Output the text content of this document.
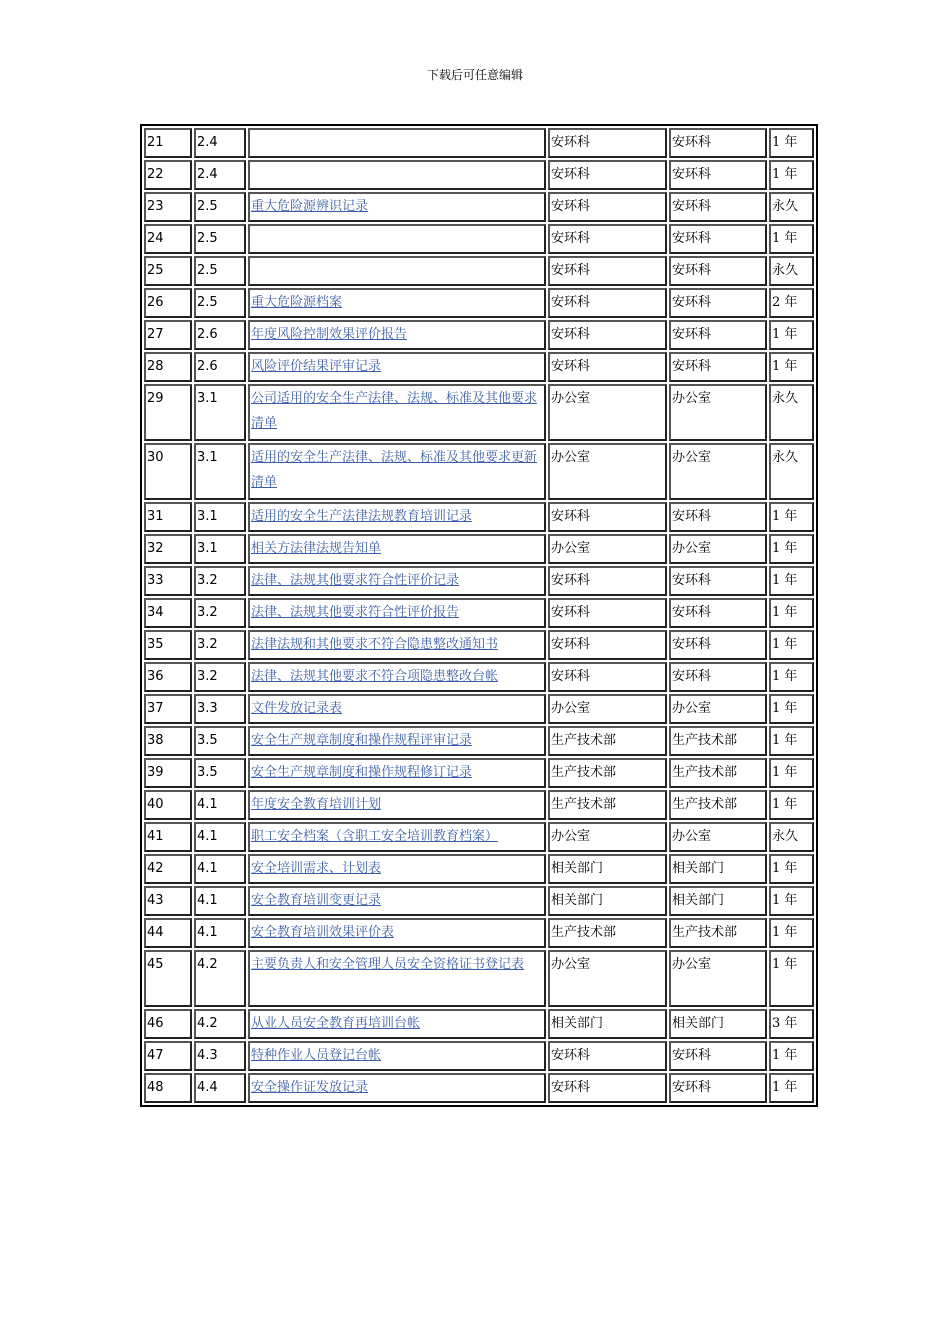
下载后可任意编辑
21	2.4		安环科	安环科	1 年
22	2.4		安环科	安环科	1 年
23	2.5	重大危险源辨识记录	安环科	安环科	永久
24	2.5		安环科	安环科	1 年
25	2.5		安环科	安环科	永久
26	2.5	重大危险源档案	安环科	安环科	2 年
27	2.6	年度风险控制效果评价报告	安环科	安环科	1 年
28	2.6	风险评价结果评审记录	安环科	安环科	1 年
29	3.1	公司适用的安全生产法律、法规、标准及其他要求清单	办公室	办公室	永久
30	3.1	适用的安全生产法律、法规、标准及其他要求更新清单	办公室	办公室	永久
31	3.1	适用的安全生产法律法规教育培训记录	安环科	安环科	1 年
32	3.1	相关方法律法规告知单	办公室	办公室	1 年
33	3.2	法律、法规其他要求符合性评价记录	安环科	安环科	1 年
34	3.2	法律、法规其他要求符合性评价报告	安环科	安环科	1 年
35	3.2	法律法规和其他要求不符合隐患整改通知书	安环科	安环科	1 年
36	3.2	法律、法规其他要求不符合项隐患整改台帐	安环科	安环科	1 年
37	3.3	文件发放记录表	办公室	办公室	1 年
38	3.5	安全生产规章制度和操作规程评审记录	生产技术部	生产技术部	1 年
39	3.5	安全生产规章制度和操作规程修订记录	生产技术部	生产技术部	1 年
40	4.1	年度安全教育培训计划	生产技术部	生产技术部	1 年
41	4.1	职工安全档案（含职工安全培训教育档案）	办公室	办公室	永久
42	4.1	安全培训需求、计划表	相关部门	相关部门	1 年
43	4.1	安全教育培训变更记录	相关部门	相关部门	1 年
44	4.1	安全教育培训效果评价表	生产技术部	生产技术部	1 年
45	4.2	主要负责人和安全管理人员安全资格证书登记表	办公室	办公室	1 年
46	4.2	从业人员安全教育再培训台帐	相关部门	相关部门	3 年
47	4.3	特种作业人员登记台帐	安环科	安环科	1 年
48	4.4	安全操作证发放记录	安环科	安环科	1 年
